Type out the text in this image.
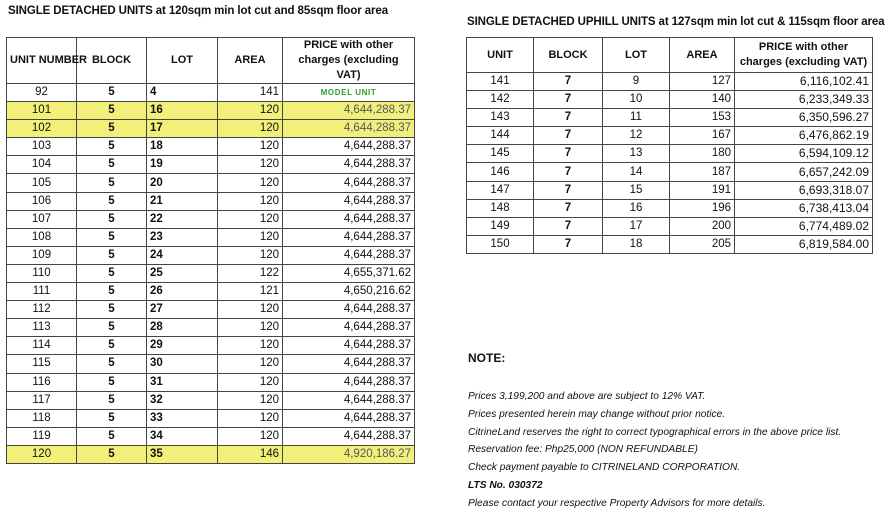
SINGLE DETACHED UNITS at 120sqm min lot cut and 85sqm floor area
SINGLE DETACHED UPHILL UNITS at 127sqm min lot cut & 115sqm floor area
UNIT NUMBER	BLOCK	LOT	AREA	PRICE with other charges (excluding VAT)
92	5	4	141	MODEL UNIT

101	5	16	120	4,644,288.37
102	5	17	120	4,644,288.37
103	5	18	120	4,644,288.37
104	5	19	120	4,644,288.37
105	5	20	120	4,644,288.37
106	5	21	120	4,644,288.37
107	5	22	120	4,644,288.37
108	5	23	120	4,644,288.37
109	5	24	120	4,644,288.37
110	5	25	122	4,655,371.62
111	5	26	121	4,650,216.62
112	5	27	120	4,644,288.37
113	5	28	120	4,644,288.37
114	5	29	120	4,644,288.37
115	5	30	120	4,644,288.37
116	5	31	120	4,644,288.37
117	5	32	120	4,644,288.37
118	5	33	120	4,644,288.37
119	5	34	120	4,644,288.37
120	5	35	146	4,920,186.27
UNIT	BLOCK	LOT	AREA	PRICE with other charges (excluding VAT)
141	7	9	127	6,116,102.41
142	7	10	140	6,233,349.33
143	7	11	153	6,350,596.27
144	7	12	167	6,476,862.19
145	7	13	180	6,594,109.12
146	7	14	187	6,657,242.09
147	7	15	191	6,693,318.07
148	7	16	196	6,738,413.04
149	7	17	200	6,774,489.02
150	7	18	205	6,819,584.00
NOTE:
Prices 3,199,200 and above are subject to 12% VAT.
Prices presented herein may change without prior notice.
CitrineLand reserves the right to correct typographical errors in the above price list.
Reservation fee: Php25,000 (NON REFUNDABLE)
Check payment payable to CITRINELAND CORPORATION.
LTS No. 030372
Please contact your respective Property Advisors for more details.
